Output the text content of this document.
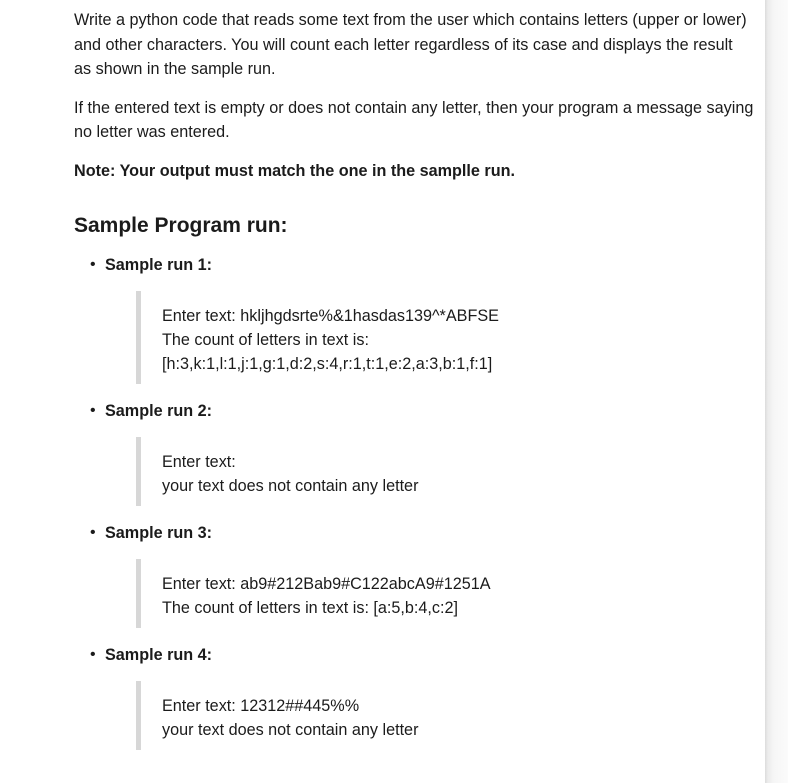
Write a python code that reads some text from the user which contains letters (upper or lower) and other characters. You will count each letter regardless of its case and displays the result as shown in the sample run.

If the entered text is empty or does not contain any letter, then your program a message saying no letter was entered.

Note: Your output must match the one in the samplle run.

Sample Program run:
• Sample run 1:
Enter text: hkljhgdsrte%&1hasdas139^*ABFSE
The count of letters in text is:
[h:3,k:1,l:1,j:1,g:1,d:2,s:4,r:1,t:1,e:2,a:3,b:1,f:1]
• Sample run 2:
Enter text:
your text does not contain any letter
• Sample run 3:
Enter text: ab9#212Bab9#C122abcA9#1251A
The count of letters in text is: [a:5,b:4,c:2]
• Sample run 4:
Enter text: 12312##445%%
your text does not contain any letter
